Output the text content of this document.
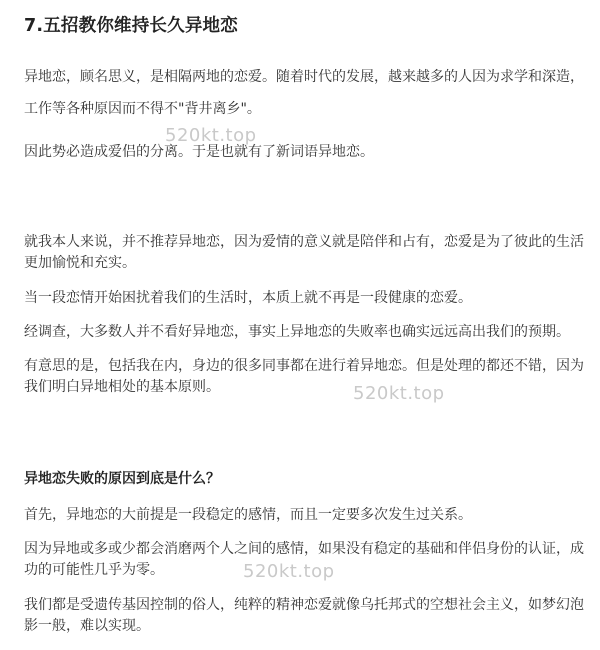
7.五招教你维持长久异地恋

异地恋，顾名思义，是相隔两地的恋爱。随着时代的发展，越来越多的人因为求学和深造，工作等各种原因而不得不"背井离乡"。

因此势必造成爱侣的分离。于是也就有了新词语异地恋。

就我本人来说，并不推荐异地恋，因为爱情的意义就是陪伴和占有，恋爱是为了彼此的生活更加愉悦和充实。

当一段恋情开始困扰着我们的生活时，本质上就不再是一段健康的恋爱。

经调查，大多数人并不看好异地恋，事实上异地恋的失败率也确实远远高出我们的预期。

有意思的是，包括我在内，身边的很多同事都在进行着异地恋。但是处理的都还不错，因为我们明白异地相处的基本原则。

异地恋失败的原因到底是什么？

首先，异地恋的大前提是一段稳定的感情，而且一定要多次发生过关系。

因为异地或多或少都会消磨两个人之间的感情，如果没有稳定的基础和伴侣身份的认证，成功的可能性几乎为零。

我们都是受遗传基因控制的俗人，纯粹的精神恋爱就像乌托邦式的空想社会主义，如梦幻泡影一般，难以实现。

520kt.top
520kt.top
520kt.top
